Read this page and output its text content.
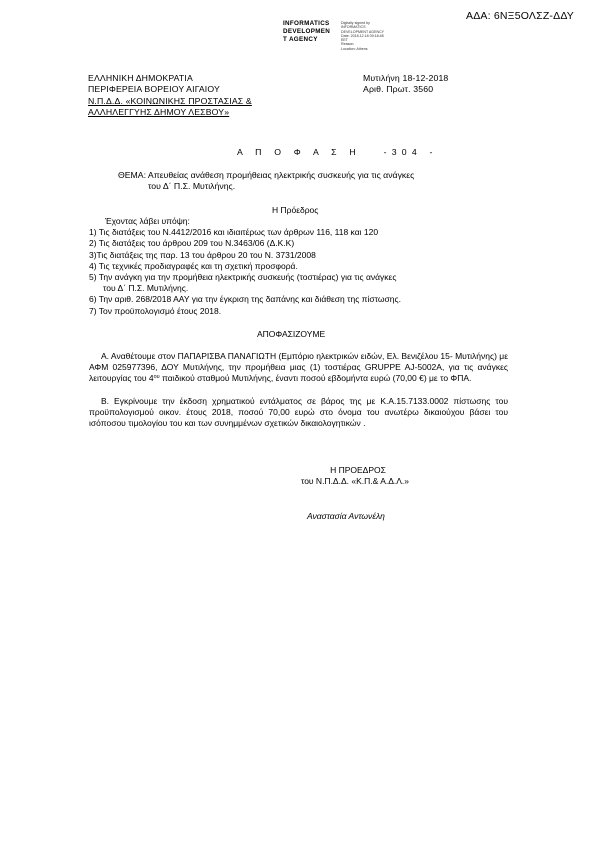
ΑΔΑ: 6ΝΞ5ΟΛΣΖ-ΔΔΥ
INFORMATICS
DEVELOPMEN
T AGENCY
Digitally signed by
INFORMATICS
DEVELOPMENT AGENCY
Date: 2018.12.18 09:18:48
EET
Reason:
Location: Athens
ΕΛΛΗΝΙΚΗ ΔΗΜΟΚΡΑΤΙΑ
ΠΕΡΙΦΕΡΕΙΑ ΒΟΡΕΙΟΥ ΑΙΓΑΙΟΥ
Ν.Π.Δ.Δ. «ΚΟΙΝΩΝΙΚΗΣ ΠΡΟΣΤΑΣΙΑΣ &
ΑΛΛΗΛΕΓΓΥΗΣ ΔΗΜΟΥ ΛΕΣΒΟΥ»
Μυτιλήνη 18-12-2018
Αριθ. Πρωτ. 3560
Α Π Ο Φ Α Σ Η   -304 -
ΘΕΜΑ: Απευθείας ανάθεση προμήθειας ηλεκτρικής συσκευής για τις ανάγκες
του Δ΄ Π.Σ. Μυτιλήνης.
Η Πρόεδρος
Έχοντας λάβει υπόψη:
1) Τις διατάξεις του Ν.4412/2016 και ιδιαιτέρως των άρθρων 116, 118 και 120
2) Τις διατάξεις του άρθρου 209 του Ν.3463/06 (Δ.Κ.Κ)
3)Τις διατάξεις της παρ. 13 του άρθρου 20 του Ν. 3731/2008
4) Τις τεχνικές προδιαγραφές και τη σχετική προσφορά.
5) Την ανάγκη για την προμήθεια ηλεκτρικής συσκευής (τοστιέρας) για τις ανάγκες
του Δ΄ Π.Σ. Μυτιλήνης.
6) Την αριθ. 268/2018 ΑΑΥ για την έγκριση της δαπάνης και διάθεση της πίστωσης.
7) Τον προϋπολογισμό έτους 2018.
ΑΠΟΦΑΣΙΖΟΥΜΕ
Α. Αναθέτουμε στον ΠΑΠΑΡΙΣΒΑ ΠΑΝΑΓΙΩΤΗ (Εμπόριο ηλεκτρικών ειδών, Ελ. Βενιζέλου 15- Μυτιλήνης) με ΑΦΜ 025977396, ΔΟΥ Μυτιλήνης, την προμήθεια μιας (1) τοστιέρας GRUPPE AJ-5002A, για τις ανάγκες λειτουργίας του $4^{o\upsilon}$ παιδικού σταθμού Μυτιλήνης, έναντι ποσού εβδομήντα ευρώ (70,00 €) με το ΦΠΑ.
Β. Εγκρίνουμε την έκδοση χρηματικού εντάλματος σε βάρος της με Κ.Α.15.7133.0002 πίστωσης του προϋπολογισμού οικον. έτους 2018, ποσού 70,00 ευρώ στο όνομα του ανωτέρω δικαιούχου βάσει του ισόποσου τιμολογίου του και των συνημμένων σχετικών δικαιολογητικών .
Η ΠΡΟΕΔΡΟΣ
του Ν.Π.Δ.Δ. «Κ.Π.& Α.Δ.Λ.»
Αναστασία Αντωνέλη
